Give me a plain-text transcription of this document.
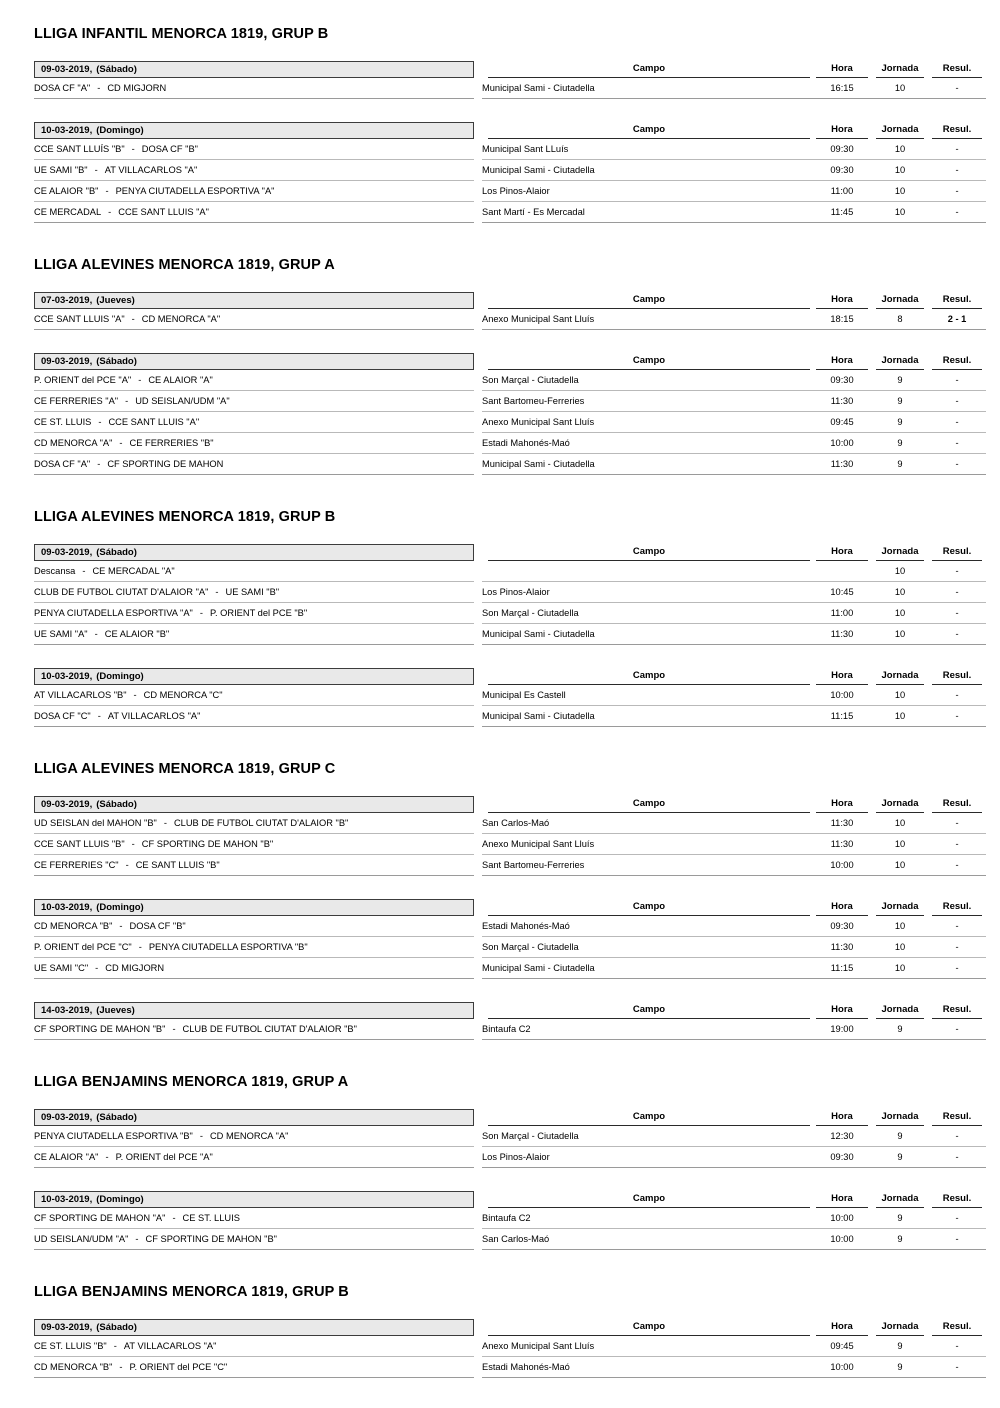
LLIGA INFANTIL MENORCA 1819, GRUP B
09-03-2019, (Sábado)		Campo	Hora	Jornada	Resul.

DOSA CF "A" - CD MIGJORN		Municipal Sami - Ciutadella	16:15	10	-
10-03-2019, (Domingo)		Campo	Hora	Jornada	Resul.

CCE SANT LLUÍS "B" - DOSA CF "B"		Municipal Sant LLuís	09:30	10	-
UE SAMI "B" - AT VILLACARLOS "A"		Municipal Sami - Ciutadella	09:30	10	-
CE ALAIOR "B" - PENYA CIUTADELLA ESPORTIVA "A"		Los Pinos-Alaior	11:00	10	-
CE MERCADAL - CCE SANT LLUIS "A"		Sant Martí - Es Mercadal	11:45	10	-
LLIGA ALEVINES MENORCA 1819, GRUP A
07-03-2019, (Jueves)		Campo	Hora	Jornada	Resul.

CCE SANT LLUIS "A" - CD MENORCA "A"		Anexo Municipal Sant Lluís	18:15	8	2 - 1
09-03-2019, (Sábado)		Campo	Hora	Jornada	Resul.

P. ORIENT del PCE "A" - CE ALAIOR "A"		Son Marçal - Ciutadella	09:30	9	-
CE FERRERIES "A" - UD SEISLAN/UDM "A"		Sant Bartomeu-Ferreries	11:30	9	-
CE ST. LLUIS - CCE SANT LLUIS "A"		Anexo Municipal Sant Lluís	09:45	9	-
CD MENORCA "A" - CE FERRERIES "B"		Estadi Mahonés-Maó	10:00	9	-
DOSA CF "A" - CF SPORTING DE MAHON		Municipal Sami - Ciutadella	11:30	9	-
LLIGA ALEVINES MENORCA 1819, GRUP B
09-03-2019, (Sábado)		Campo	Hora	Jornada	Resul.

Descansa - CE MERCADAL "A"				10	-
CLUB DE FUTBOL CIUTAT D'ALAIOR "A" - UE SAMI "B"		Los Pinos-Alaior	10:45	10	-
PENYA CIUTADELLA ESPORTIVA "A" - P. ORIENT del PCE "B"		Son Marçal - Ciutadella	11:00	10	-
UE SAMI "A" - CE ALAIOR "B"		Municipal Sami - Ciutadella	11:30	10	-
10-03-2019, (Domingo)		Campo	Hora	Jornada	Resul.

AT VILLACARLOS "B" - CD MENORCA "C"		Municipal Es Castell	10:00	10	-
DOSA CF "C" - AT VILLACARLOS "A"		Municipal Sami - Ciutadella	11:15	10	-
LLIGA ALEVINES MENORCA 1819, GRUP C
09-03-2019, (Sábado)		Campo	Hora	Jornada	Resul.

UD SEISLAN del MAHON "B" - CLUB DE FUTBOL CIUTAT D'ALAIOR "B"		San Carlos-Maó	11:30	10	-
CCE SANT LLUIS "B" - CF SPORTING DE MAHON "B"		Anexo Municipal Sant Lluís	11:30	10	-
CE FERRERIES "C" - CE SANT LLUIS "B"		Sant Bartomeu-Ferreries	10:00	10	-
10-03-2019, (Domingo)		Campo	Hora	Jornada	Resul.

CD MENORCA "B" - DOSA CF "B"		Estadi Mahonés-Maó	09:30	10	-
P. ORIENT del PCE "C" - PENYA CIUTADELLA ESPORTIVA "B"		Son Marçal - Ciutadella	11:30	10	-
UE SAMI "C" - CD MIGJORN		Municipal Sami - Ciutadella	11:15	10	-
14-03-2019, (Jueves)		Campo	Hora	Jornada	Resul.

CF SPORTING DE MAHON "B" - CLUB DE FUTBOL CIUTAT D'ALAIOR "B"		Bintaufa C2	19:00	9	-
LLIGA BENJAMINS MENORCA 1819, GRUP A
09-03-2019, (Sábado)		Campo	Hora	Jornada	Resul.

PENYA CIUTADELLA ESPORTIVA "B" - CD MENORCA "A"		Son Marçal - Ciutadella	12:30	9	-
CE ALAIOR "A" - P. ORIENT del PCE "A"		Los Pinos-Alaior	09:30	9	-
10-03-2019, (Domingo)		Campo	Hora	Jornada	Resul.

CF SPORTING DE MAHON "A" - CE ST. LLUIS		Bintaufa C2	10:00	9	-
UD SEISLAN/UDM "A" - CF SPORTING DE MAHON "B"		San Carlos-Maó	10:00	9	-
LLIGA BENJAMINS MENORCA 1819, GRUP B
09-03-2019, (Sábado)		Campo	Hora	Jornada	Resul.

CE ST. LLUIS "B" - AT VILLACARLOS "A"		Anexo Municipal Sant Lluís	09:45	9	-
CD MENORCA "B" - P. ORIENT del PCE "C"		Estadi Mahonés-Maó	10:00	9	-
